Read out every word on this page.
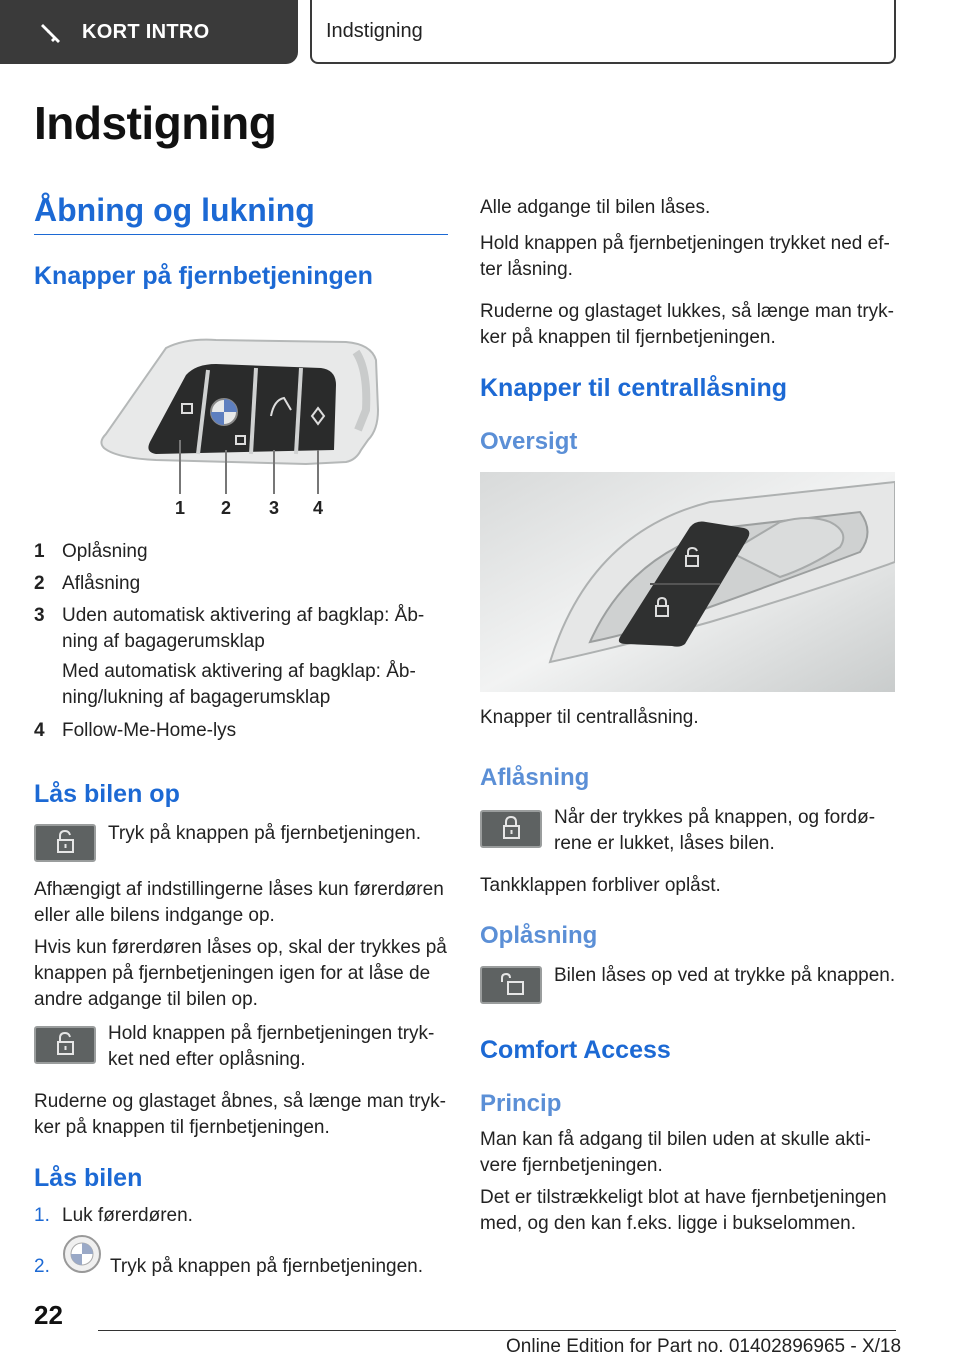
KORT INTRO	Indstigning
Indstigning
Åbning og lukning
Knapper på fjernbetjeningen
1 2 3 4
1 Oplåsning
2 Aflåsning
3 Uden automatisk aktivering af bagklap: Åb-
ning af bagagerumsklap
Med automatisk aktivering af bagklap: Åb-
ning/lukning af bagagerumsklap
4 Follow-Me-Home-lys
Lås bilen op
Tryk på knappen på fjernbetjeningen.
Afhængigt af indstillingerne låses kun førerdøren
eller alle bilens indgange op.
Hvis kun førerdøren låses op, skal der trykkes på
knappen på fjernbetjeningen igen for at låse de
andre adgange til bilen op.
Hold knappen på fjernbetjeningen tryk-
ket ned efter oplåsning.
Ruderne og glastaget åbnes, så længe man tryk-
ker på knappen til fjernbetjeningen.
Lås bilen
1. Luk førerdøren.
2.	Tryk på knappen på fjernbetjeningen.
Alle adgange til bilen låses.
Hold knappen på fjernbetjeningen trykket ned ef-
ter låsning.
Ruderne og glastaget lukkes, så længe man tryk-
ker på knappen til fjernbetjeningen.
Knapper til centrallåsning
Oversigt
Knapper til centrallåsning.
Aflåsning
Når der trykkes på knappen, og fordø-
rene er lukket, låses bilen.
Tankklappen forbliver oplåst.
Oplåsning
Bilen låses op ved at trykke på knappen.
Comfort Access
Princip
Man kan få adgang til bilen uden at skulle akti-
vere fjernbetjeningen.
Det er tilstrækkeligt blot at have fjernbetjeningen
med, og den kan f.eks. ligge i bukselommen.
22
Online Edition for Part no. 01402896965 - X/18
